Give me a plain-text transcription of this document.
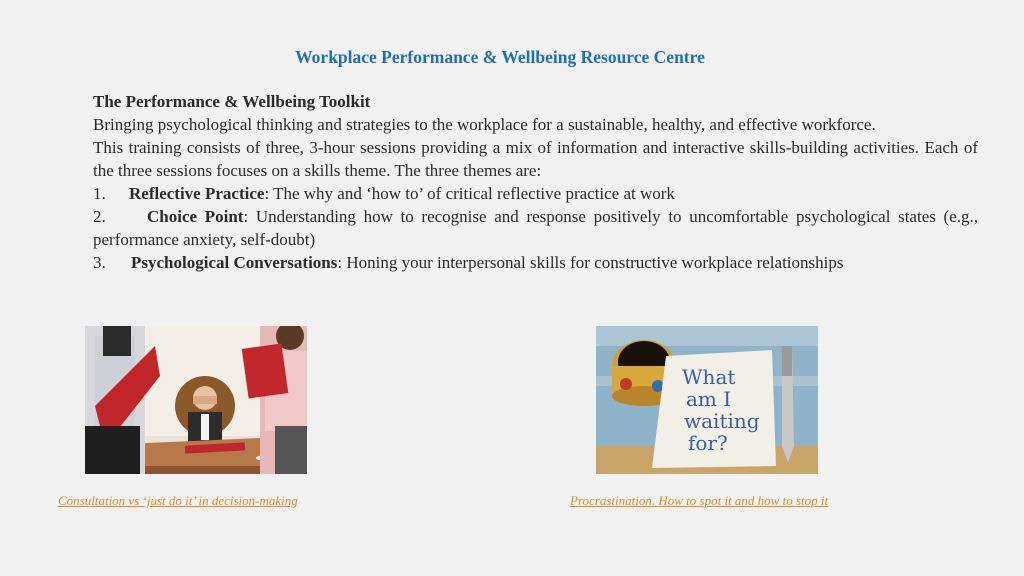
Workplace Performance & Wellbeing Resource Centre

The Performance & Wellbeing Toolkit

Bringing psychological thinking and strategies to the workplace for a sustainable, healthy, and effective workforce.

This training consists of three, 3-hour sessions providing a mix of information and interactive skills-building activities. Each of the three sessions focuses on a skills theme. The three themes are:

1.	Reflective Practice: The why and ‘how to’ of critical reflective practice at work

2. Choice Point: Understanding how to recognise and response positively to uncomfortable psychological states (e.g., performance anxiety, self-doubt)

3.	Psychological Conversations: Honing your interpersonal skills for constructive workplace relationships
What
am I
waiting
for?
Consultation vs ‘just do it’ in decision-making	Procrastination. How to spot it and how to stop it
